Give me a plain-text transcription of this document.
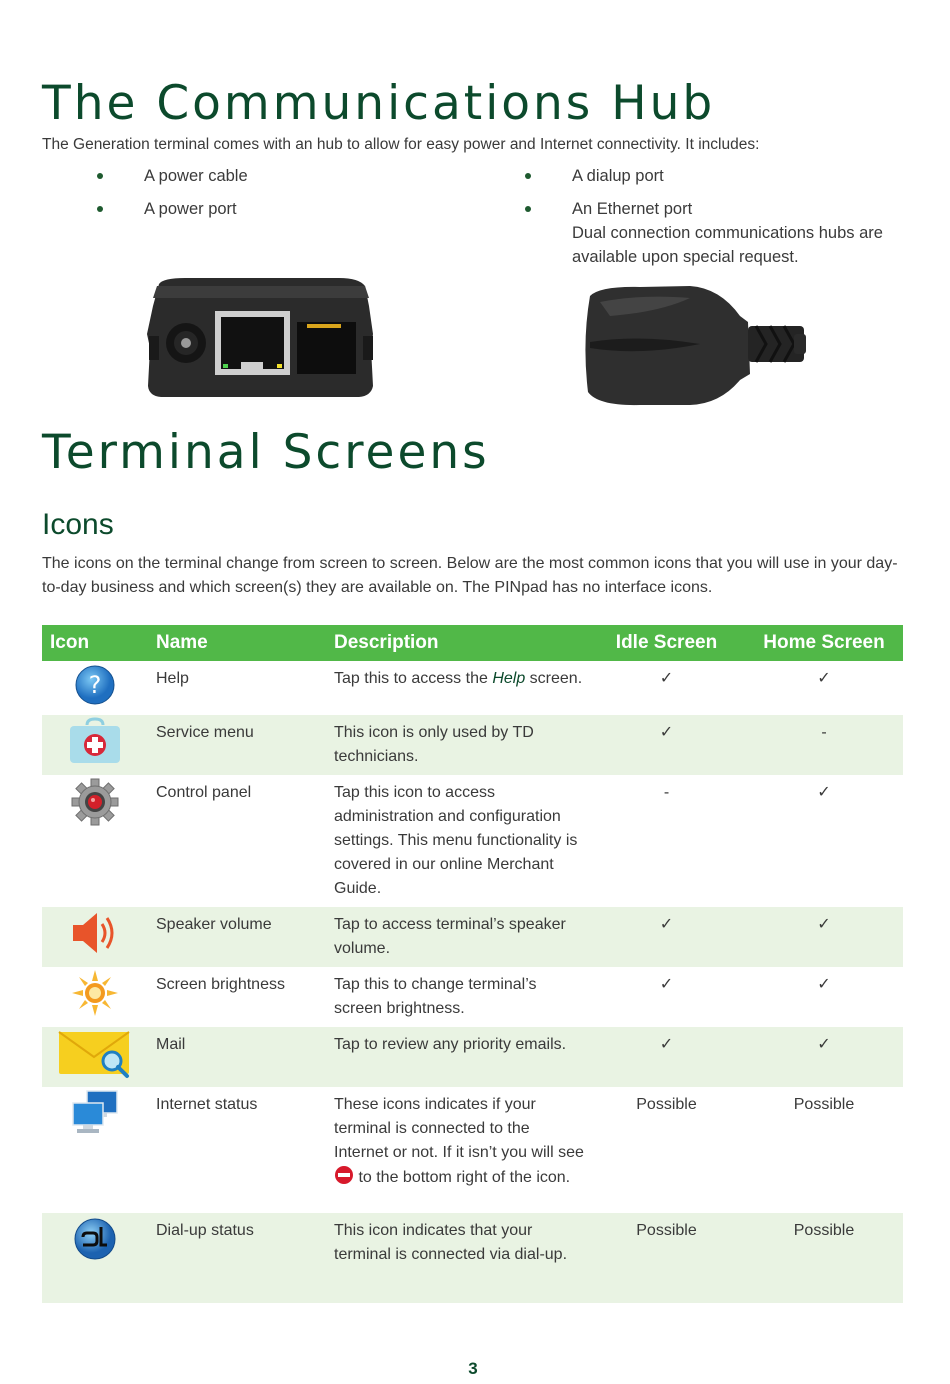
The Communications Hub
The Generation terminal comes with an hub to allow for easy power and Internet connectivity. It includes:
A power cable
A power port
A dialup port
An Ethernet port
Dual connection communications hubs are available upon special request.
Terminal Screens
Icons
The icons on the terminal change from screen to screen. Below are the most common icons that you will use in your day-to-day business and which screen(s) they are available on. The PINpad has no interface icons.
Icon	Name	Description	Idle Screen	Home Screen

?	Help	Tap this to access the Help screen.	✓	✓
	Service menu	This icon is only used by TD technicians.	✓	-
	Control panel	Tap this icon to access administration and configuration settings. This menu functionality is covered in our online Merchant Guide.	-	✓
	Speaker volume	Tap to access terminal’s speaker volume.	✓	✓
	Screen brightness	Tap this to change terminal’s screen brightness.	✓	✓
	Mail	Tap to review any priority emails.	✓	✓
	Internet status	These icons indicates if your terminal is connected to the Internet or not. If it isn’t you will see  to the bottom right of the icon.	Possible	Possible
	Dial-up status	This icon indicates that your terminal is connected via dial-up.	Possible	Possible
3
